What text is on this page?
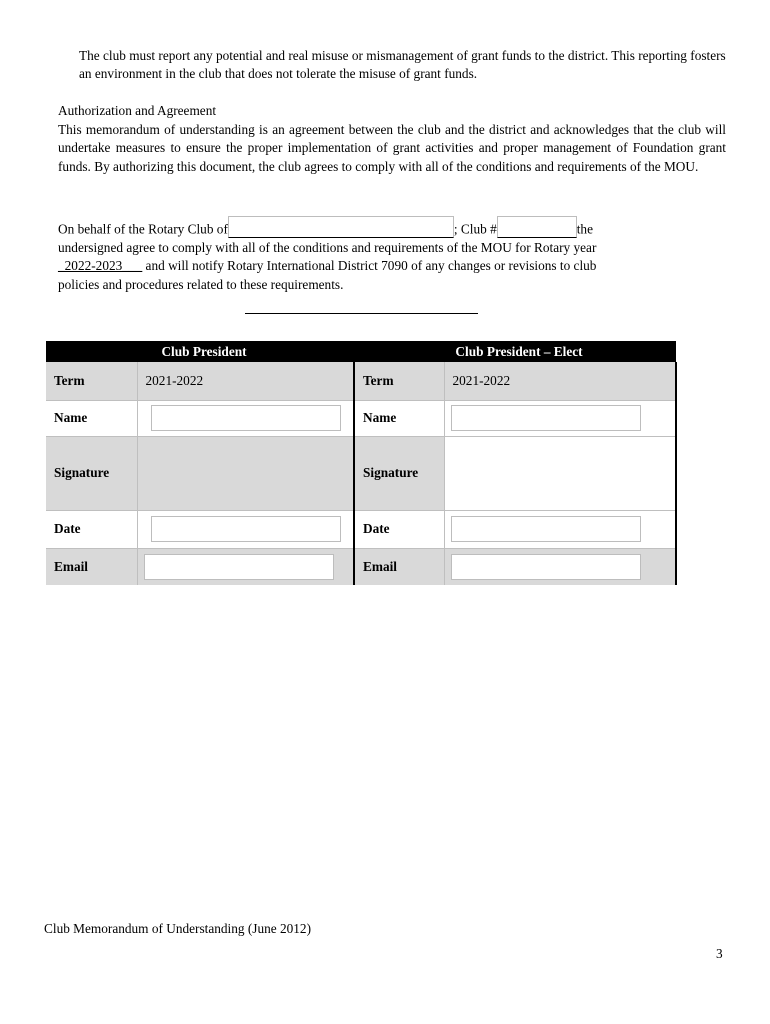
The club must report any potential and real misuse or mismanagement of grant funds to the district. This reporting fosters an environment in the club that does not tolerate the misuse of grant funds.
Authorization and Agreement
This memorandum of understanding is an agreement between the club and the district and acknowledges that the club will undertake measures to ensure the proper implementation of grant activities and proper management of Foundation grant funds. By authorizing this document, the club agrees to comply with all of the conditions and requirements of the MOU.
On behalf of the Rotary Club of	; Club #	the
undersigned agree to comply with all of the conditions and requirements of the MOU for Rotary year
_2022-2023___ and will notify Rotary International District 7090 of any changes or revisions to club
policies and procedures related to these requirements.
Club President		Club President – Elect	
Term	2021-2022	Term	2021-2022
Name		Name	

Signature		Signature	
Date		Date	

Email		Email	
Club Memorandum of Understanding (June 2012)
3
